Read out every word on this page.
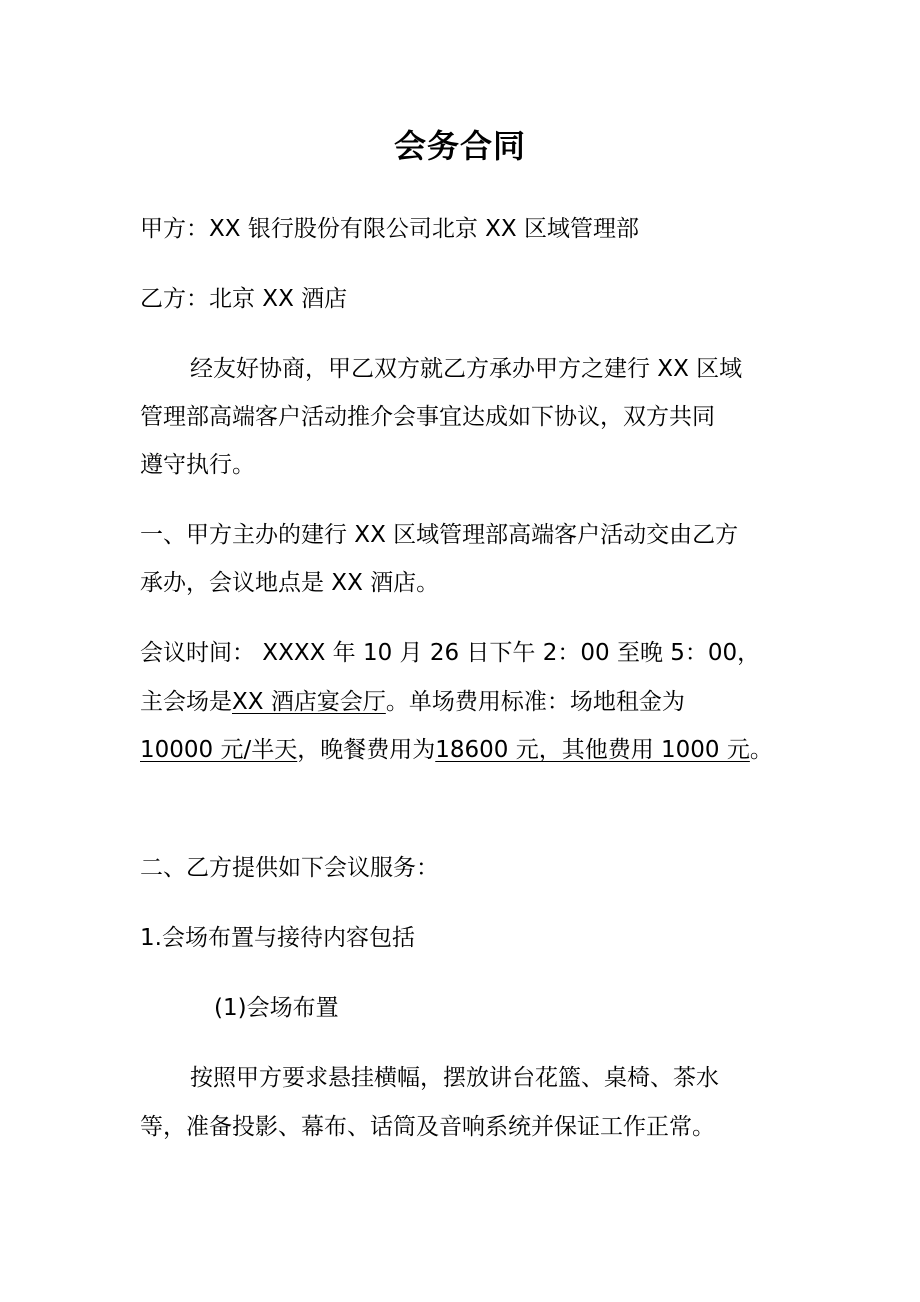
会务合同
甲方：XX 银行股份有限公司北京 XX 区域管理部
乙方：北京 XX 酒店
经友好协商，甲乙双方就乙方承办甲方之建行 XX 区域
管理部高端客户活动推介会事宜达成如下协议，双方共同
遵守执行。
一、甲方主办的建行 XX 区域管理部高端客户活动交由乙方
承办，会议地点是 XX 酒店。
会议时间： XXXX 年 10 月 26 日下午 2：00 至晚 5：00，
主会场是XX 酒店宴会厅。单场费用标准：场地租金为
10000 元/半天，晚餐费用为18600 元，其他费用 1000 元。
二、乙方提供如下会议服务：
1.会场布置与接待内容包括
(1)会场布置
按照甲方要求悬挂横幅，摆放讲台花篮、桌椅、茶水
等，准备投影、幕布、话筒及音响系统并保证工作正常。
